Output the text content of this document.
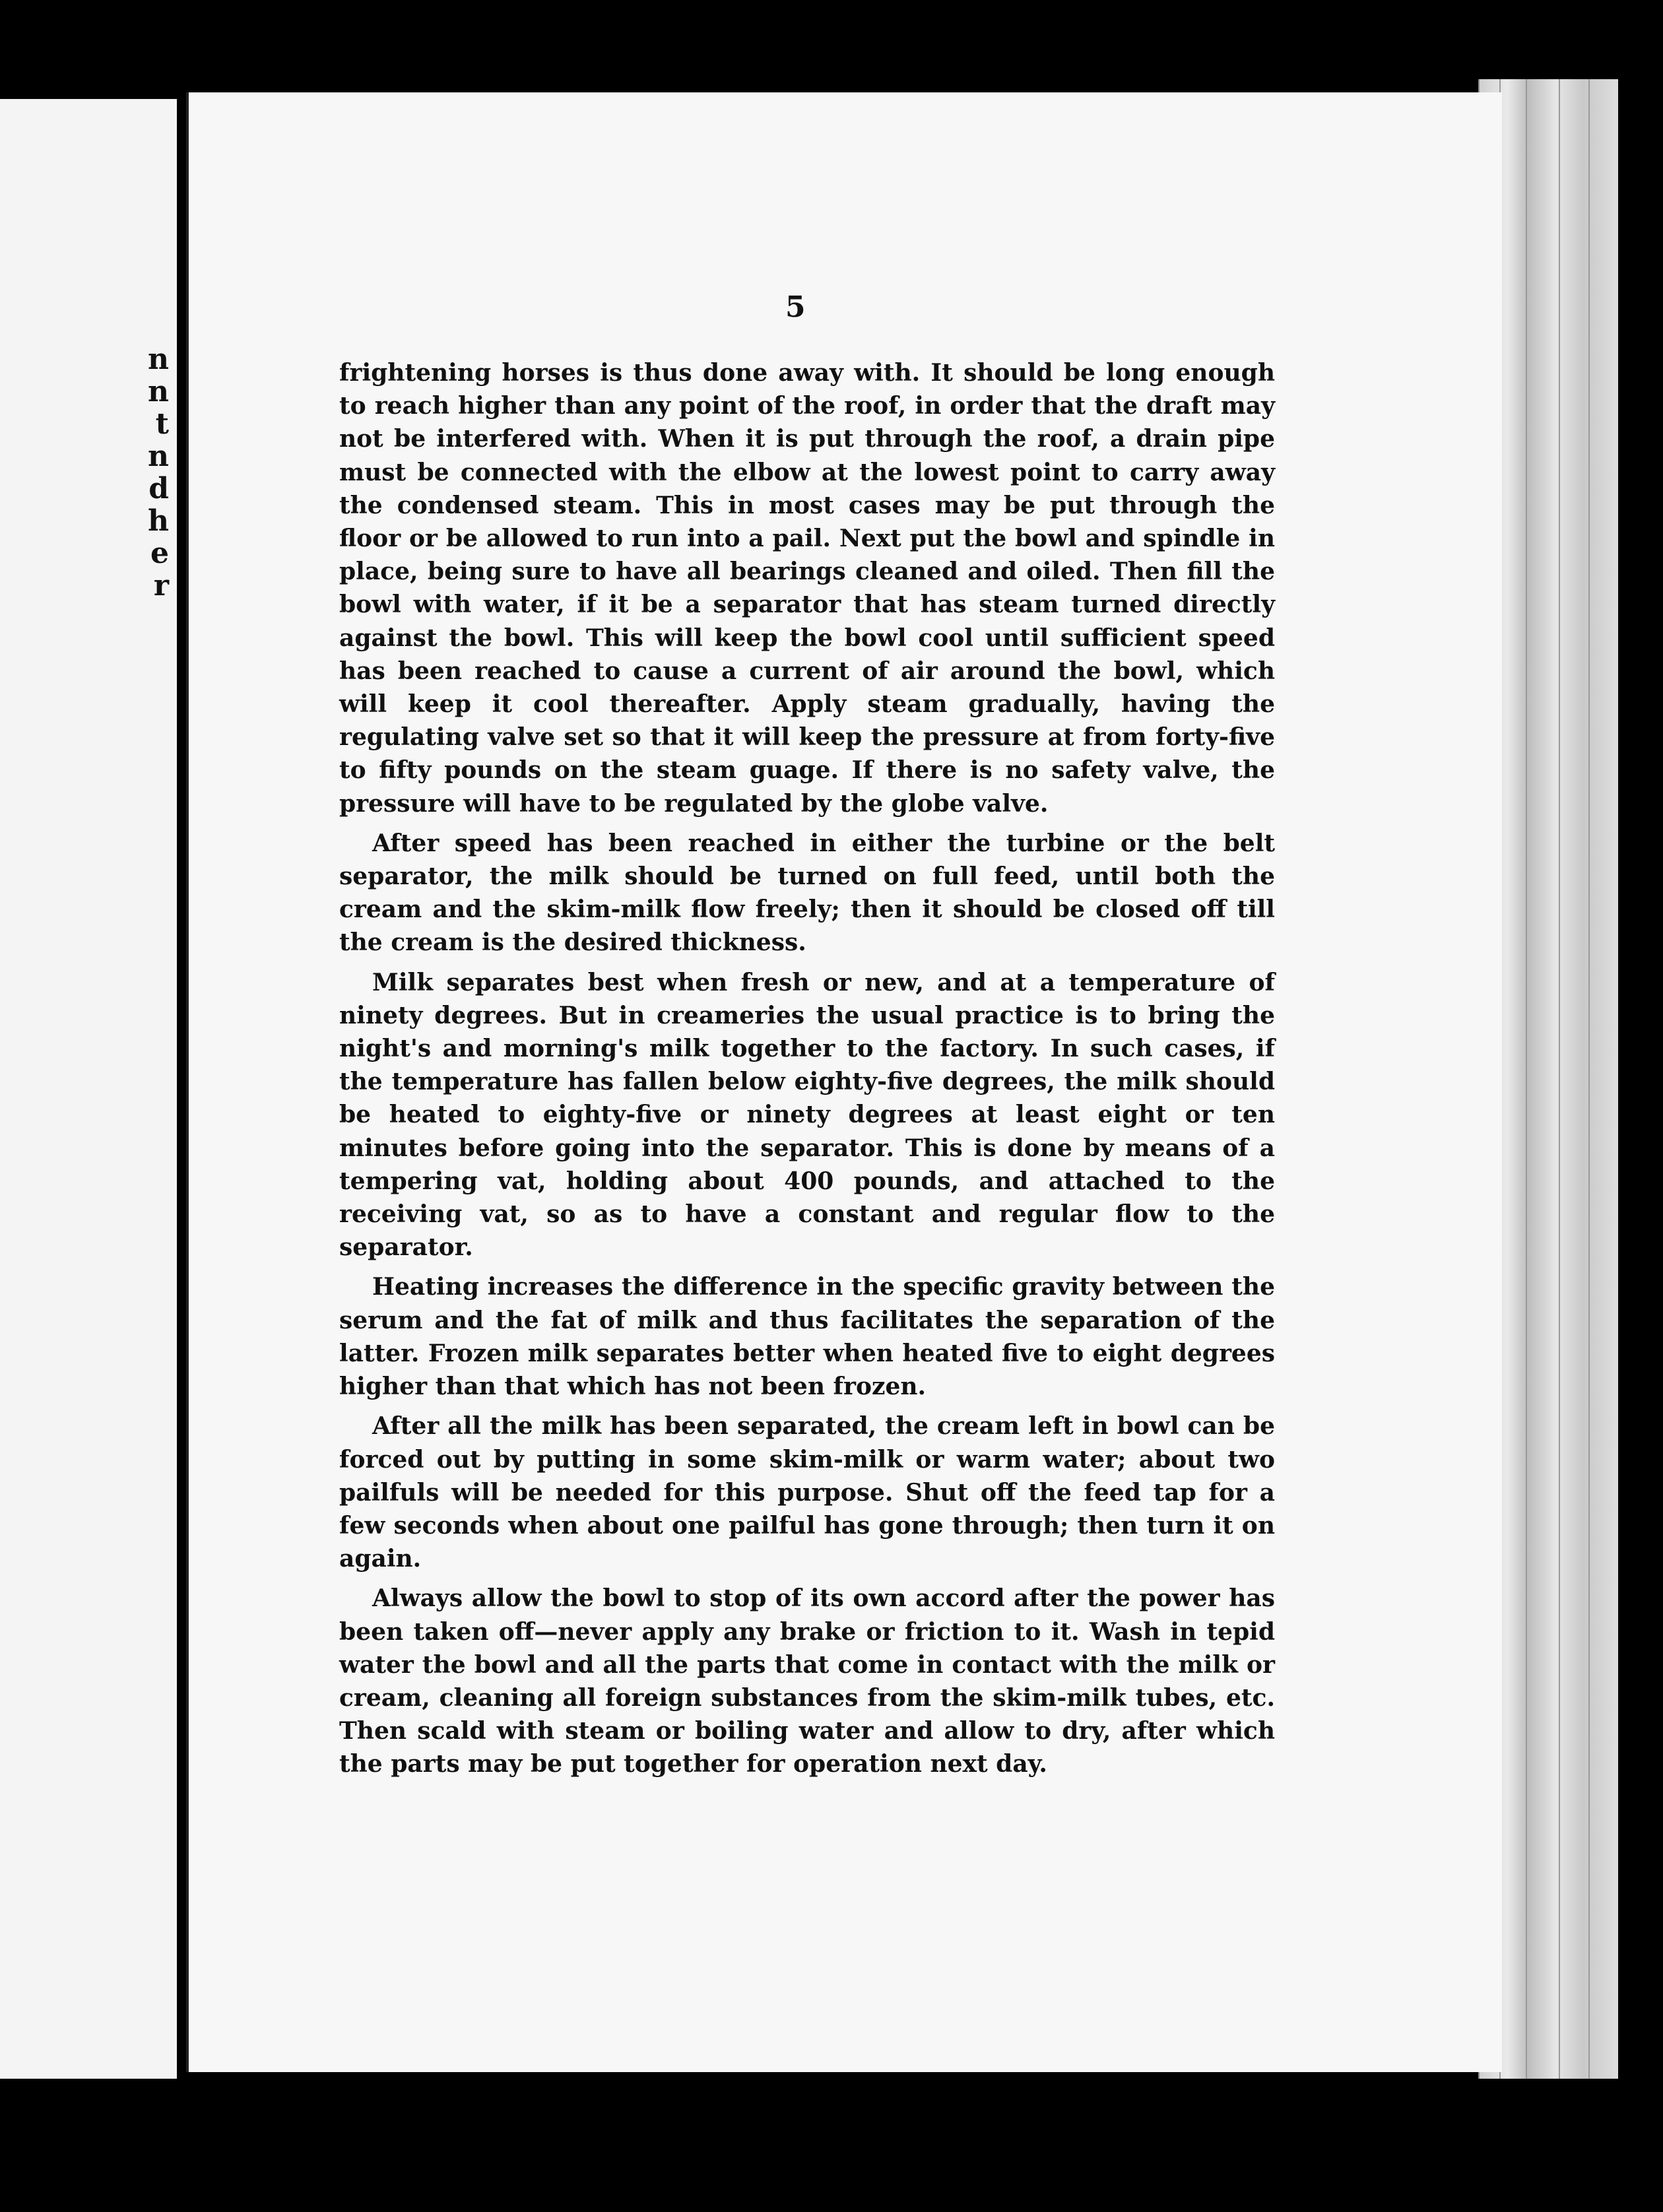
n
n
t
n
d
h
e
r
5

frightening horses is thus done away with. It should be long enough to reach higher than any point of the roof, in order that the draft may not be interfered with. When it is put through the roof, a drain pipe must be connected with the elbow at the lowest point to carry away the condensed steam. This in most cases may be put through the floor or be allowed to run into a pail. Next put the bowl and spindle in place, being sure to have all bearings cleaned and oiled. Then fill the bowl with water, if it be a separator that has steam turned directly against the bowl. This will keep the bowl cool until sufficient speed has been reached to cause a current of air around the bowl, which will keep it cool thereafter. Apply steam gradually, having the regulating valve set so that it will keep the pressure at from forty-five to fifty pounds on the steam guage. If there is no safety valve, the pressure will have to be regulated by the globe valve.

After speed has been reached in either the turbine or the belt separator, the milk should be turned on full feed, until both the cream and the skim-milk flow freely; then it should be closed off till the cream is the desired thickness.

Milk separates best when fresh or new, and at a temperature of ninety degrees. But in creameries the usual practice is to bring the night's and morning's milk together to the factory. In such cases, if the temperature has fallen below eighty-five degrees, the milk should be heated to eighty-five or ninety degrees at least eight or ten minutes before going into the separator. This is done by means of a tempering vat, holding about 400 pounds, and attached to the receiving vat, so as to have a constant and regular flow to the separator.

Heating increases the difference in the specific gravity between the serum and the fat of milk and thus facilitates the separation of the latter. Frozen milk separates better when heated five to eight degrees higher than that which has not been frozen.

After all the milk has been separated, the cream left in bowl can be forced out by putting in some skim-milk or warm water; about two pailfuls will be needed for this purpose. Shut off the feed tap for a few seconds when about one pailful has gone through; then turn it on again.

Always allow the bowl to stop of its own accord after the power has been taken off—never apply any brake or friction to it. Wash in tepid water the bowl and all the parts that come in contact with the milk or cream, cleaning all foreign substances from the skim-milk tubes, etc. Then scald with steam or boiling water and allow to dry, after which the parts may be put together for operation next day.
